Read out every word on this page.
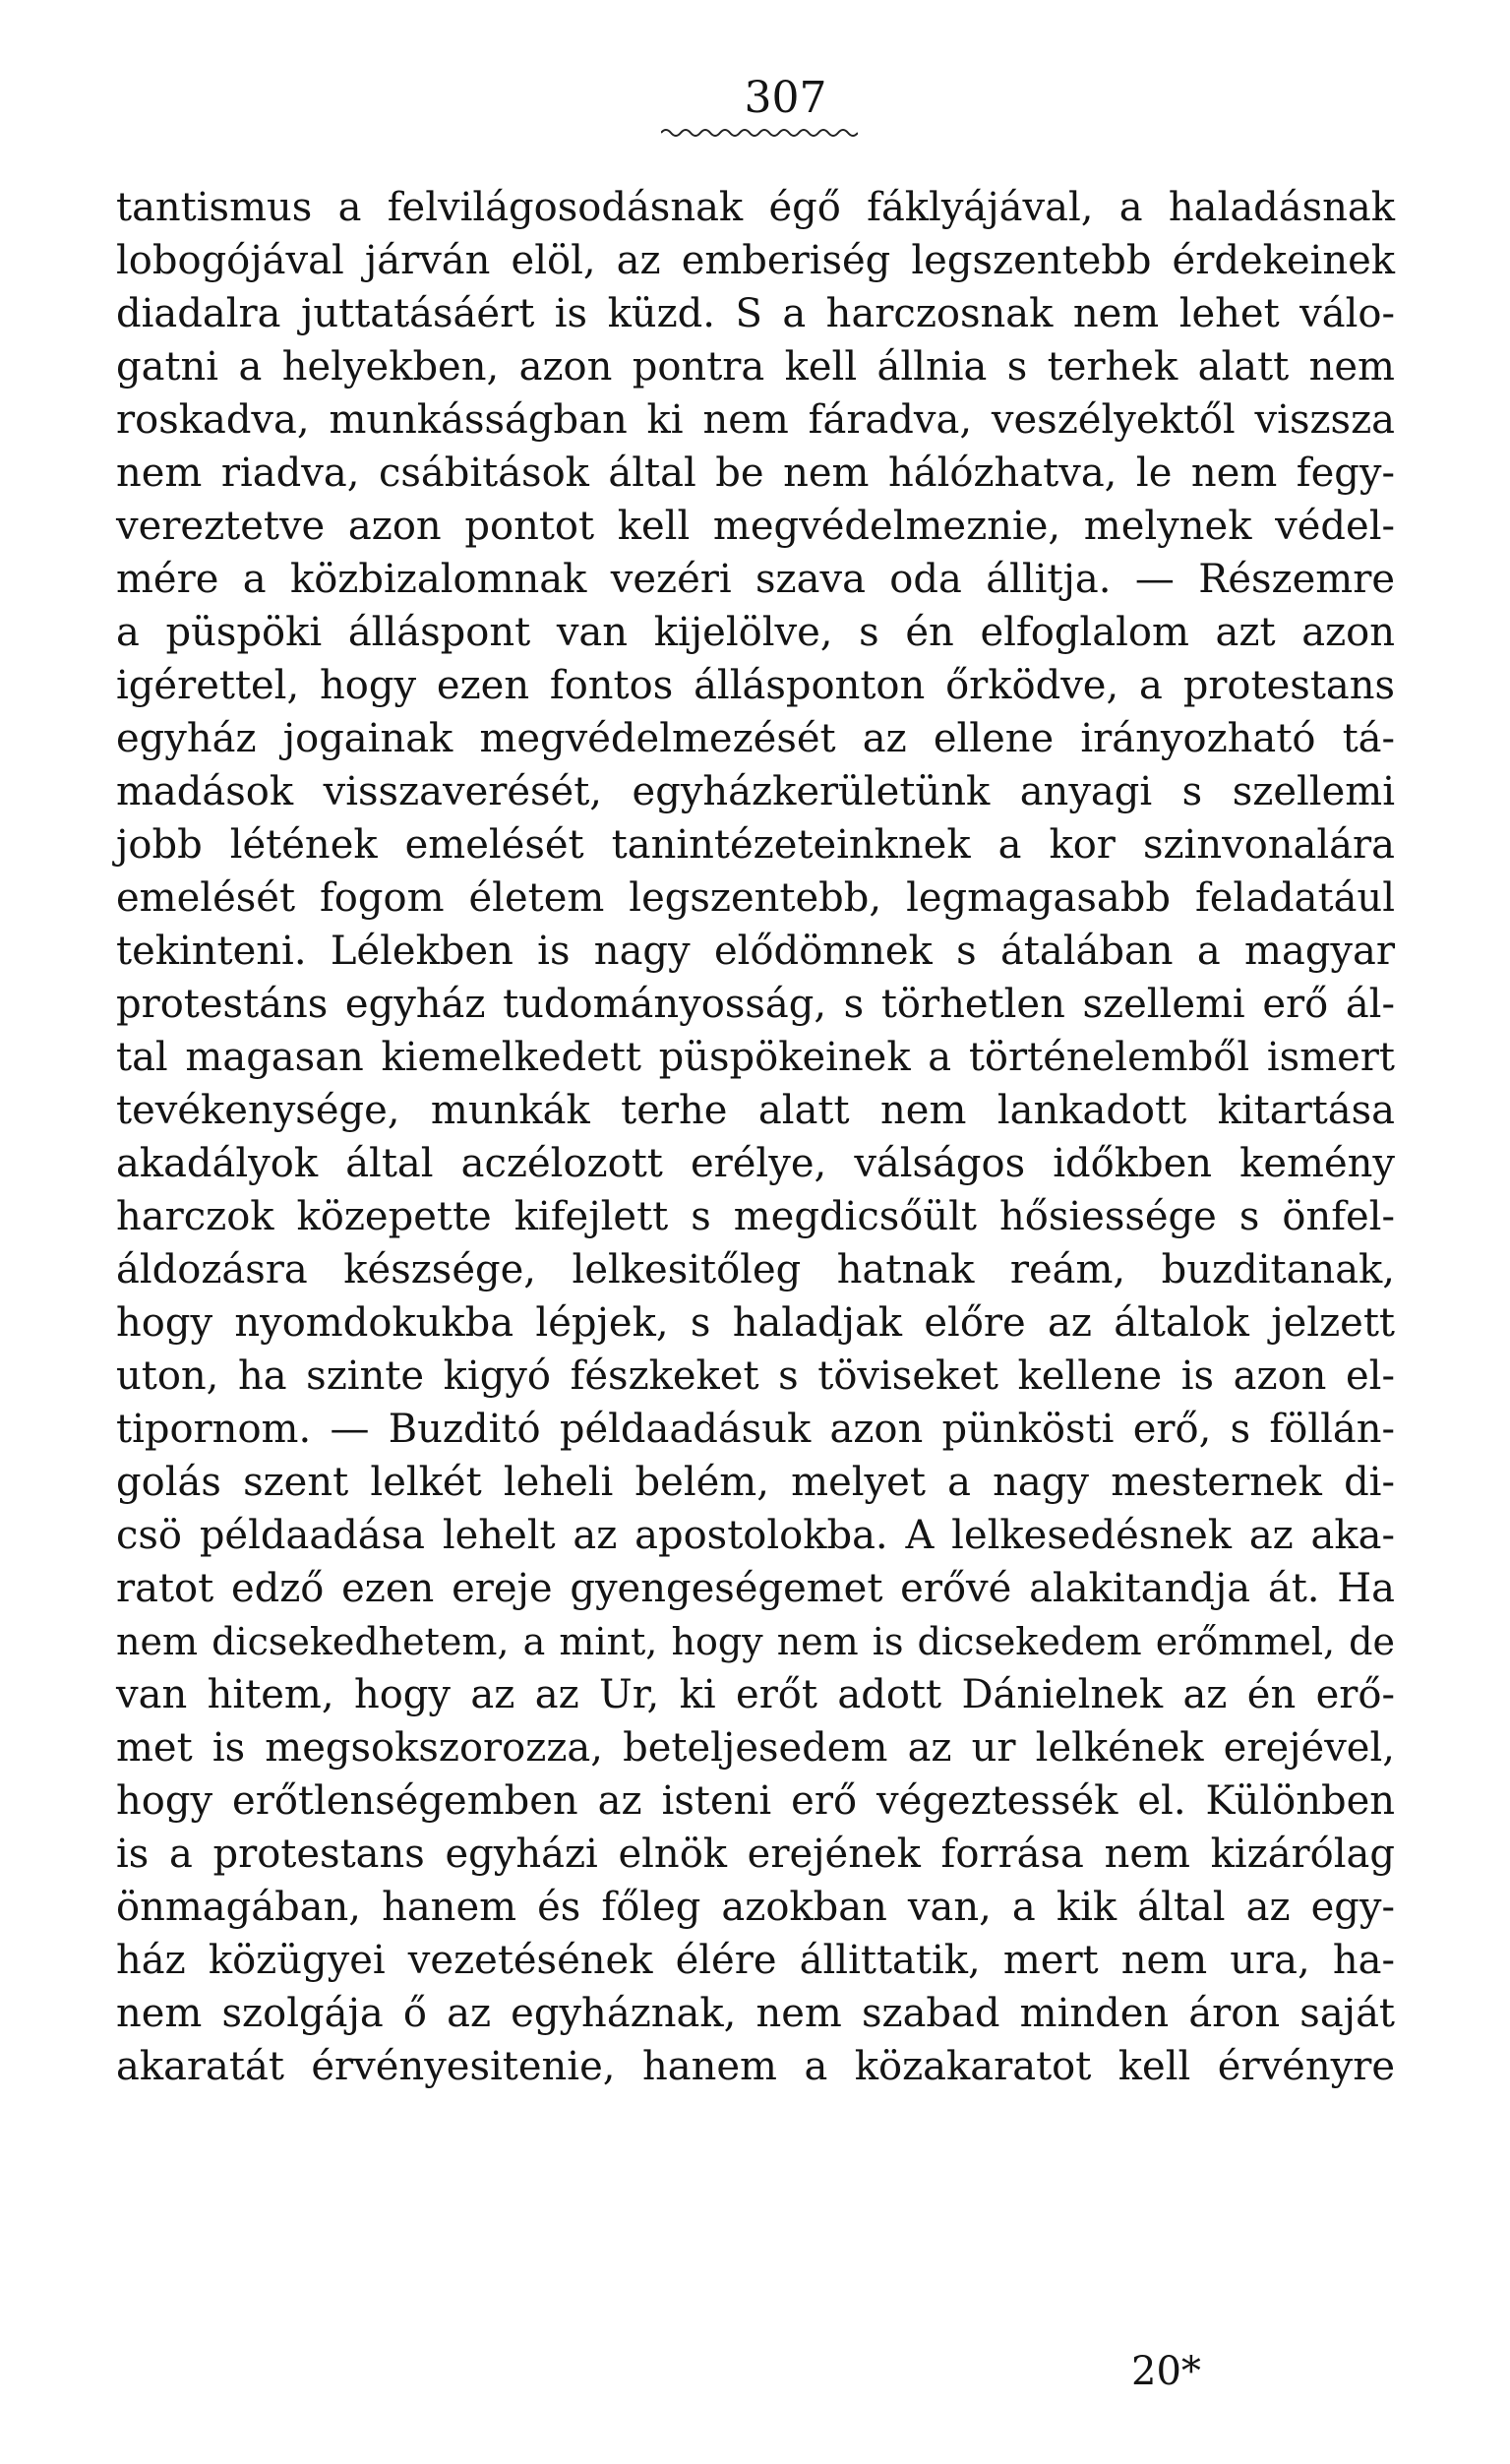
307
tantismus a felvilágosodásnak égő fáklyájával, a haladásnak
lobogójával járván elöl, az emberiség legszentebb érdekeinek
diadalra juttatásáért is küzd. S a harczosnak nem lehet válo-
gatni a helyekben, azon pontra kell állnia s terhek alatt nem
roskadva, munkásságban ki nem fáradva, veszélyektől viszsza
nem riadva, csábitások által be nem hálózhatva, le nem fegy-
vereztetve azon pontot kell megvédelmeznie, melynek védel-
mére a közbizalomnak vezéri szava oda állitja. — Részemre
a püspöki álláspont van kijelölve, s én elfoglalom azt azon
igérettel, hogy ezen fontos állásponton őrködve, a protestans
egyház jogainak megvédelmezését az ellene irányozható tá-
madások visszaverését, egyházkerületünk anyagi s szellemi
jobb létének emelését tanintézeteinknek a kor szinvonalára
emelését fogom életem legszentebb, legmagasabb feladatául
tekinteni. Lélekben is nagy elődömnek s átalában a magyar
protestáns egyház tudományosság, s törhetlen szellemi erő ál-
tal magasan kiemelkedett püspökeinek a történelemből ismert
tevékenysége, munkák terhe alatt nem lankadott kitartása
akadályok által aczélozott erélye, válságos időkben kemény
harczok közepette kifejlett s megdicsőült hősiessége s önfel-
áldozásra készsége, lelkesitőleg hatnak reám, buzditanak,
hogy nyomdokukba lépjek, s haladjak előre az általok jelzett
uton, ha szinte kigyó fészkeket s töviseket kellene is azon el-
tipornom. — Buzditó példaadásuk azon pünkösti erő, s föllán-
golás szent lelkét leheli belém, melyet a nagy mesternek di-
csö példaadása lehelt az apostolokba. A lelkesedésnek az aka-
ratot edző ezen ereje gyengeségemet erővé alakitandja át. Ha
nem dicsekedhetem, a mint, hogy nem is dicsekedem erőmmel, de
van hitem, hogy az az Ur, ki erőt adott Dánielnek az én erő-
met is megsokszorozza, beteljesedem az ur lelkének erejével,
hogy erőtlenségemben az isteni erő végeztessék el. Különben
is a protestans egyházi elnök erejének forrása nem kizárólag
önmagában, hanem és főleg azokban van, a kik által az egy-
ház közügyei vezetésének élére állittatik, mert nem ura, ha-
nem szolgája ő az egyháznak, nem szabad minden áron saját
akaratát érvényesitenie, hanem a közakaratot kell érvényre
20*
